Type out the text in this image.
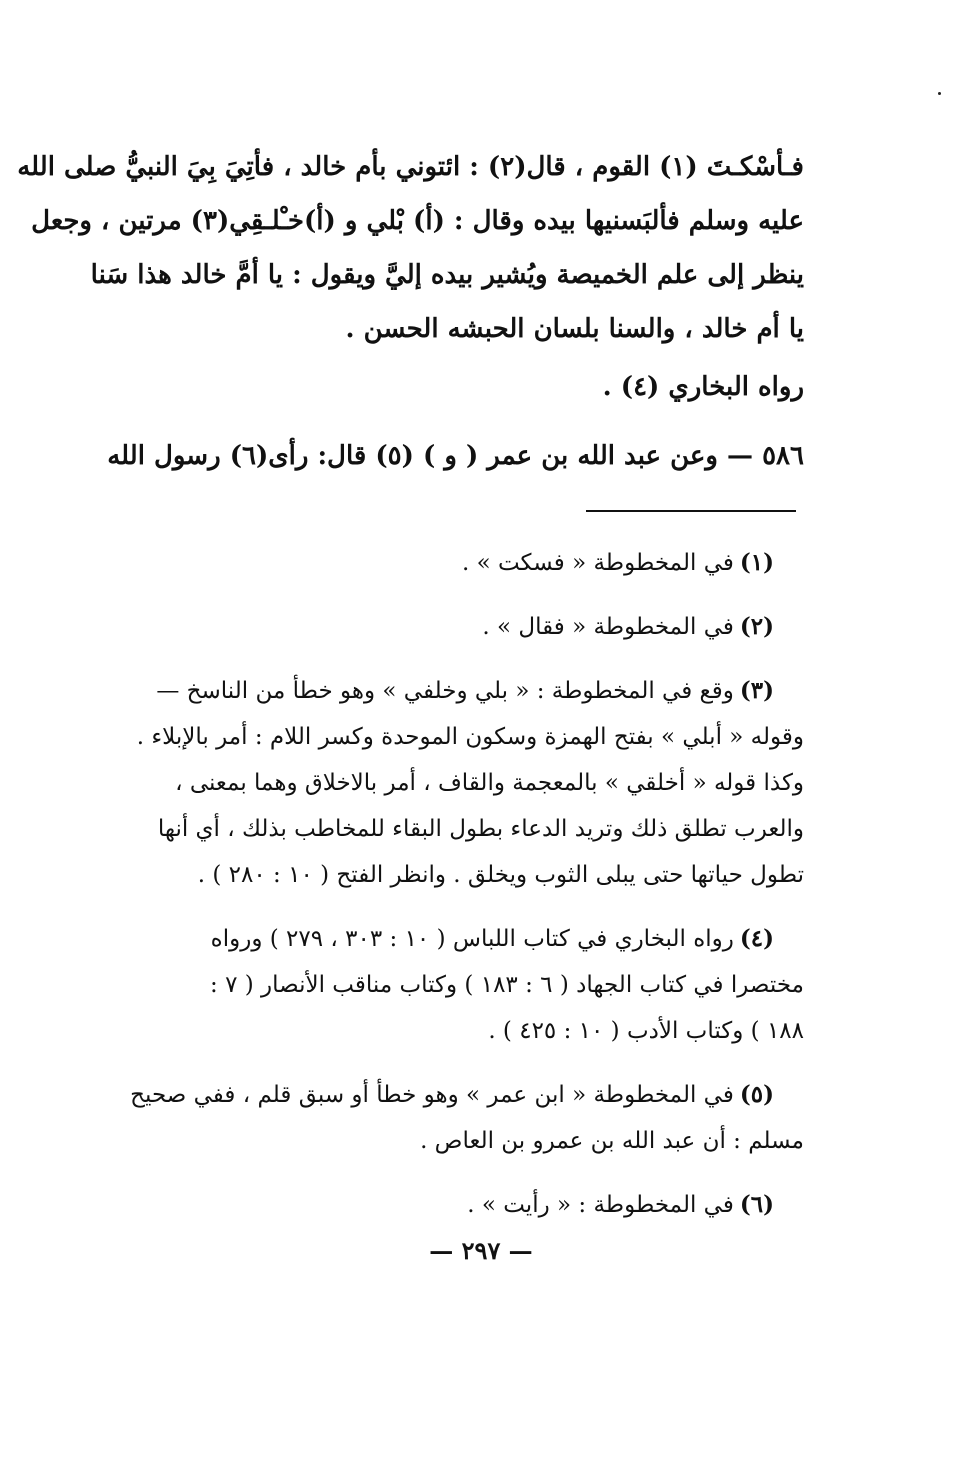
فـأسْكـتَ (١) القوم ، قال(٢) : ائتوني بأم خالد ، فأتِيَ بِيَ النبيُّ صلى الله

عليه وسلم فألبَسنيها بيده وقال : (أ) بْلي و (أ)خـْلـقِي(٣) مرتين ، وجعل

ينظر إلى علم الخميصة ويُشير بيده إليَّ ويقول : يا أمَّ خالد هذا سَنا

يا أم خالد ، والسنا بلسان الحبشه الحسن .

رواه البخاري (٤) .

٥٨٦ — وعن عبد الله بن عمر ( و ) (٥) قال: رأى(٦) رسول الله

(١)في المخطوطة « فسكت » .
(٢)في المخطوطة « فقال » .
(٣)وقع في المخطوطة : « بلي وخلفي » وهو خطأ من الناسخ —
وقوله « أبلي » بفتح الهمزة وسكون الموحدة وكسر اللام : أمر بالإبلاء .
وكذا قوله « أخلقي » بالمعجمة والقاف ، أمر بالاخلاق وهما بمعنى ،
والعرب تطلق ذلك وتريد الدعاء بطول البقاء للمخاطب بذلك ، أي أنها
تطول حياتها حتى يبلى الثوب ويخلق . وانظر الفتح ( ١٠ : ٢٨٠ ) .
(٤)رواه البخاري في كتاب اللباس ( ١٠ : ٣٠٣ ، ٢٧٩ ) ورواه
مختصرا في كتاب الجهاد ( ٦ : ١٨٣ ) وكتاب مناقب الأنصار ( ٧ :
١٨٨ ) وكتاب الأدب ( ١٠ : ٤٢٥ ) .
(٥)في المخطوطة « ابن عمر » وهو خطأ أو سبق قلم ، ففي صحيح
مسلم : أن عبد الله بن عمرو بن العاص .
(٦)في المخطوطة : « رأيت » .
— ٢٩٧ —
